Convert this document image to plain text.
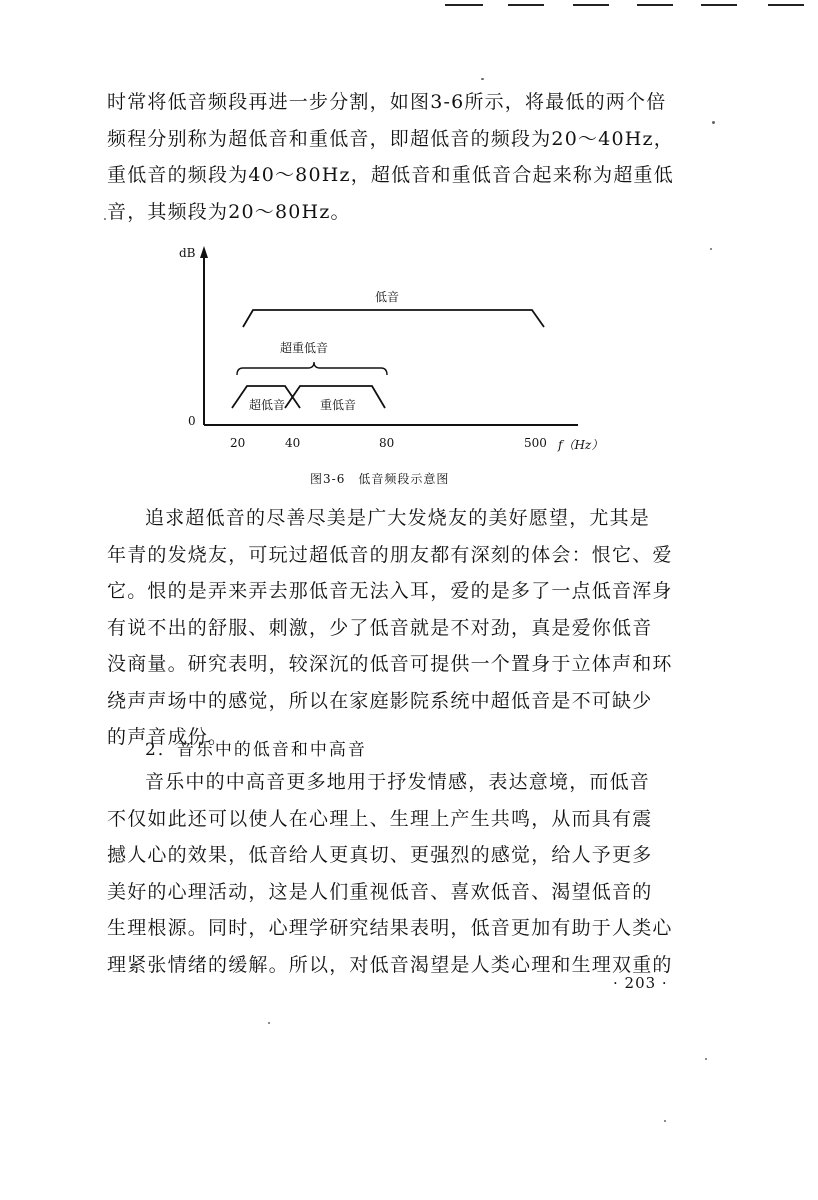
时常将低音频段再进一步分割，如图3-6所示，将最低的两个倍
频程分别称为超低音和重低音，即超低音的频段为20～40Hz，
重低音的频段为40～80Hz，超低音和重低音合起来称为超重低
音，其频段为20～80Hz。

dB
0
低音
超重低音
超低音	重低音
20	40	80	500 f（Hz）
图3-6　低音频段示意图

追求超低音的尽善尽美是广大发烧友的美好愿望，尤其是
年青的发烧友，可玩过超低音的朋友都有深刻的体会：恨它、爱
它。恨的是弄来弄去那低音无法入耳，爱的是多了一点低音浑身
有说不出的舒服、刺激，少了低音就是不对劲，真是爱你低音
没商量。研究表明，较深沉的低音可提供一个置身于立体声和环
绕声声场中的感觉，所以在家庭影院系统中超低音是不可缺少
的声音成份。

2．音乐中的低音和中高音

音乐中的中高音更多地用于抒发情感，表达意境，而低音
不仅如此还可以使人在心理上、生理上产生共鸣，从而具有震
撼人心的效果，低音给人更真切、更强烈的感觉，给人予更多
美好的心理活动，这是人们重视低音、喜欢低音、渴望低音的
生理根源。同时，心理学研究结果表明，低音更加有助于人类心
理紧张情绪的缓解。所以，对低音渴望是人类心理和生理双重的

· 203 ·
